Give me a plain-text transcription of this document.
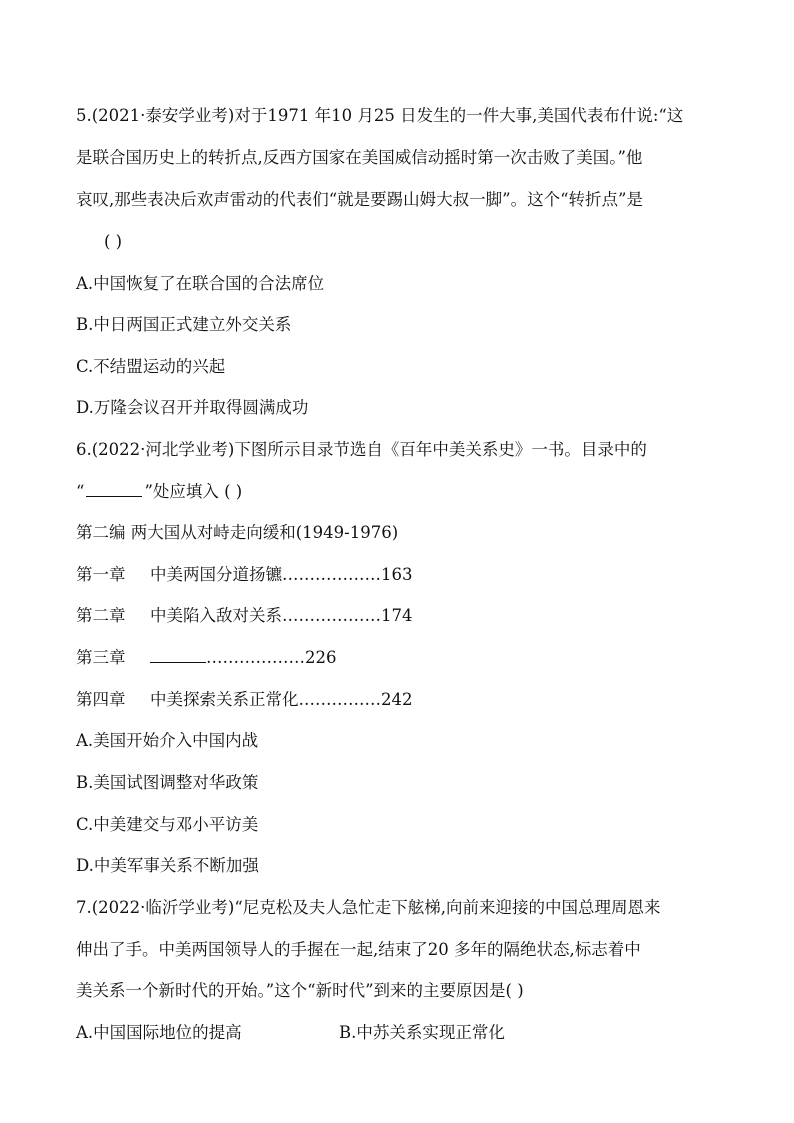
5.(2021·泰安学业考)对于1971 年10 月25 日发生的一件大事,美国代表布什说:“这
是联合国历史上的转折点,反西方国家在美国威信动摇时第一次击败了美国。”他
哀叹,那些表决后欢声雷动的代表们“就是要踢山姆大叔一脚”。这个“转折点”是
( )
A.中国恢复了在联合国的合法席位
B.中日两国正式建立外交关系
C.不结盟运动的兴起
D.万隆会议召开并取得圆满成功
6.(2022·河北学业考)下图所示目录节选自《百年中美关系史》一书。目录中的
“	”处应填入 ( )
第二编 两大国从对峙走向缓和(1949-1976)
第一章 中美两国分道扬镳………………163
第二章 中美陷入敌对关系………………174
第三章	………………226
第四章 中美探索关系正常化……………242
A.美国开始介入中国内战
B.美国试图调整对华政策
C.中美建交与邓小平访美
D.中美军事关系不断加强
7.(2022·临沂学业考)“尼克松及夫人急忙走下舷梯,向前来迎接的中国总理周恩来
伸出了手。中美两国领导人的手握在一起,结束了20 多年的隔绝状态,标志着中
美关系一个新时代的开始。”这个“新时代”到来的主要原因是( )
A.中国国际地位的提高	B.中苏关系实现正常化
